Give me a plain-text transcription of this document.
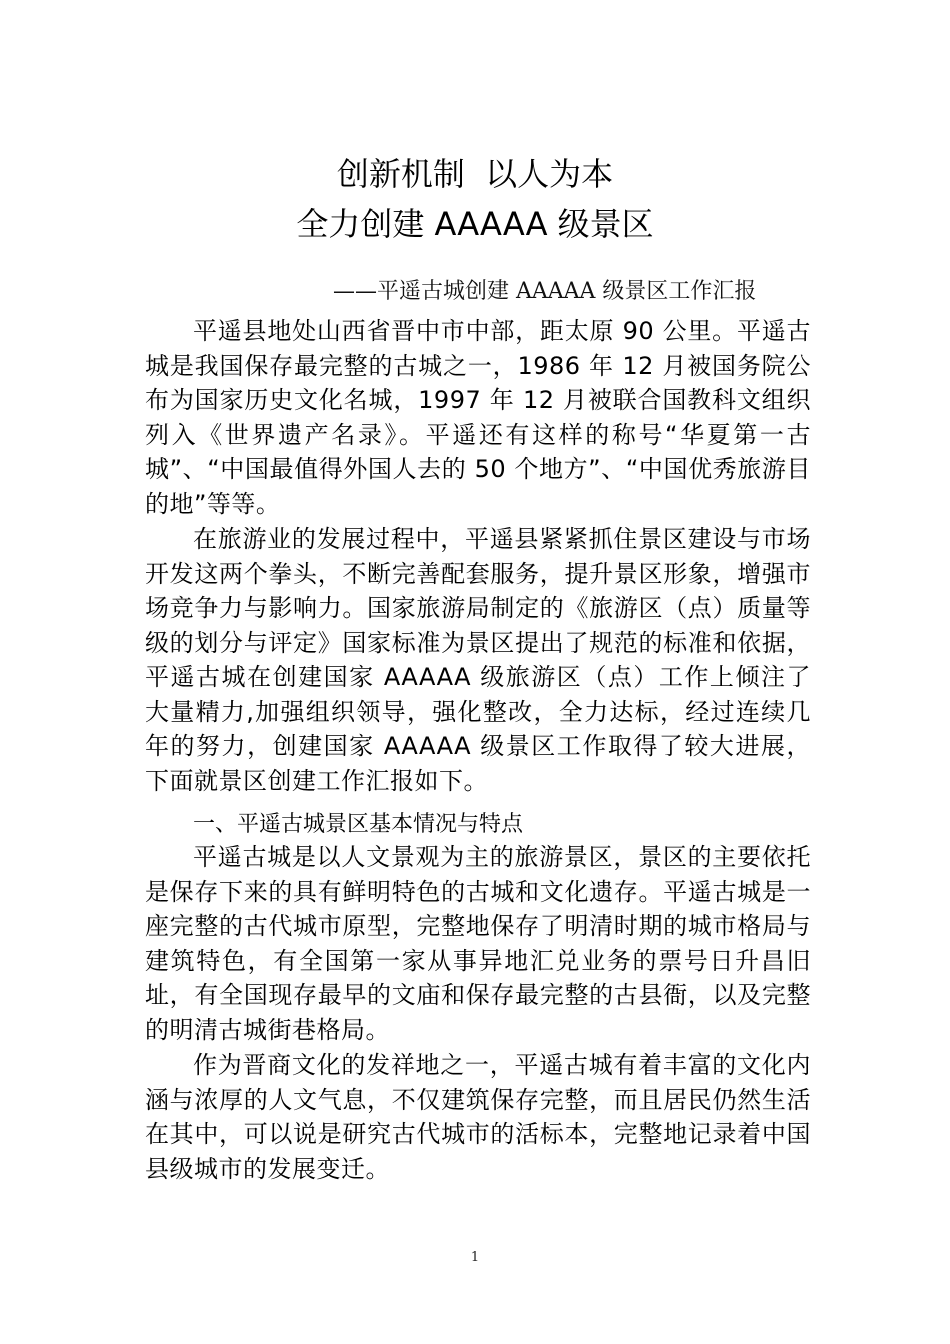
创新机制  以人为本
全力创建 AAAAA 级景区
——平遥古城创建 AAAAA 级景区工作汇报

平遥县地处山西省晋中市中部，距太原 90 公里。平遥古城是我国保存最完整的古城之一，1986 年 12 月被国务院公布为国家历史文化名城，1997 年 12 月被联合国教科文组织列入《世界遗产名录》。平遥还有这样的称号“华夏第一古城”、“中国最值得外国人去的 50 个地方”、“中国优秀旅游目的地”等等。

在旅游业的发展过程中，平遥县紧紧抓住景区建设与市场开发这两个拳头，不断完善配套服务，提升景区形象，增强市场竞争力与影响力。国家旅游局制定的《旅游区（点）质量等级的划分与评定》国家标准为景区提出了规范的标准和依据，平遥古城在创建国家 AAAAA 级旅游区（点）工作上倾注了大量精力,加强组织领导，强化整改，全力达标，经过连续几年的努力，创建国家 AAAAA 级景区工作取得了较大进展，下面就景区创建工作汇报如下。

一、平遥古城景区基本情况与特点

平遥古城是以人文景观为主的旅游景区，景区的主要依托是保存下来的具有鲜明特色的古城和文化遗存。平遥古城是一座完整的古代城市原型，完整地保存了明清时期的城市格局与建筑特色，有全国第一家从事异地汇兑业务的票号日升昌旧址，有全国现存最早的文庙和保存最完整的古县衙，以及完整的明清古城街巷格局。

作为晋商文化的发祥地之一，平遥古城有着丰富的文化内涵与浓厚的人文气息，不仅建筑保存完整，而且居民仍然生活在其中，可以说是研究古代城市的活标本，完整地记录着中国县级城市的发展变迁。

1
